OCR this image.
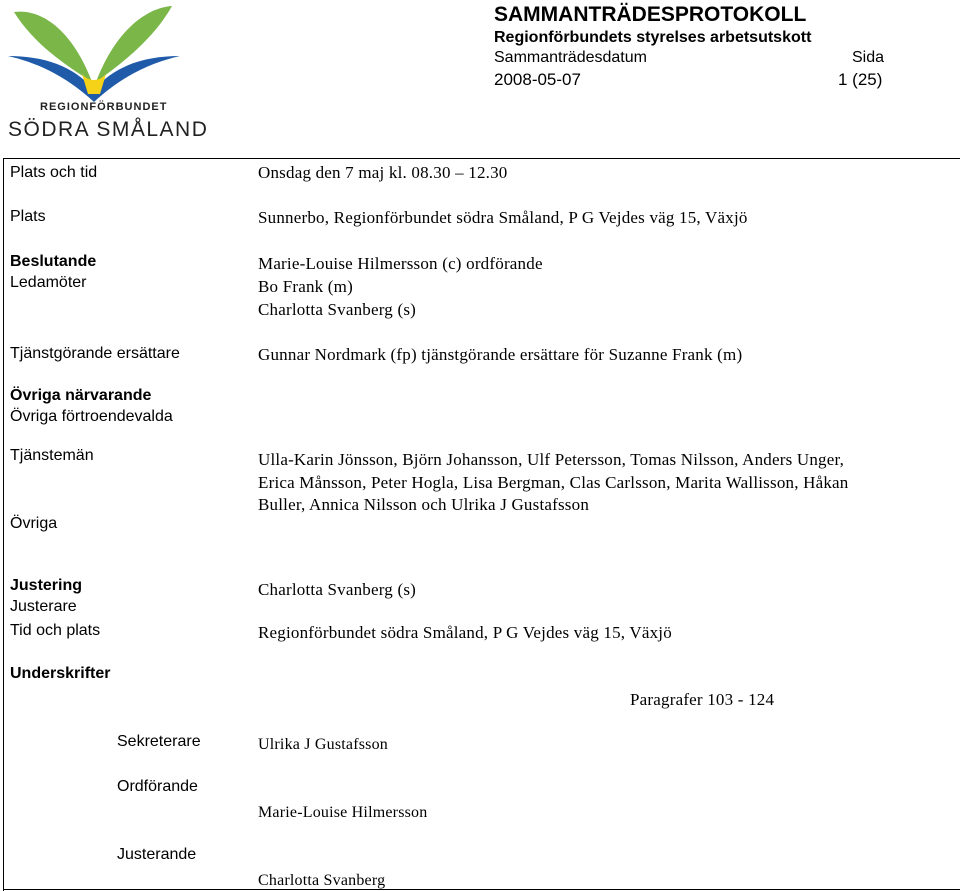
REGIONFÖRBUNDET
SÖDRA SMÅLAND
SAMMANTRÄDESPROTOKOLL
Regionförbundets styrelses arbetsutskott
Sammanträdesdatum	Sida
2008-05-07	1 (25)
Plats och tid
Plats
Beslutande
Ledamöter
Tjänstgörande ersättare
Övriga närvarande
Övriga förtroendevalda
Tjänstemän
Övriga
Justering
Justerare
Tid och plats
Underskrifter
Sekreterare
Ordförande
Justerande
Onsdag den 7 maj kl. 08.30 – 12.30
Sunnerbo, Regionförbundet södra Småland, P G Vejdes väg 15, Växjö
Marie-Louise Hilmersson (c) ordförande
Bo Frank (m)
Charlotta Svanberg (s)
Gunnar Nordmark (fp) tjänstgörande ersättare för Suzanne Frank (m)
Ulla-Karin Jönsson, Björn Johansson, Ulf Petersson, Tomas Nilsson, Anders Unger,
Erica Månsson, Peter Hogla, Lisa Bergman, Clas Carlsson, Marita Wallisson, Håkan
Buller, Annica Nilsson och Ulrika J Gustafsson
Charlotta Svanberg (s)
Regionförbundet södra Småland, P G Vejdes väg 15, Växjö
Paragrafer 103 - 124
Ulrika J Gustafsson
Marie-Louise Hilmersson
Charlotta Svanberg
